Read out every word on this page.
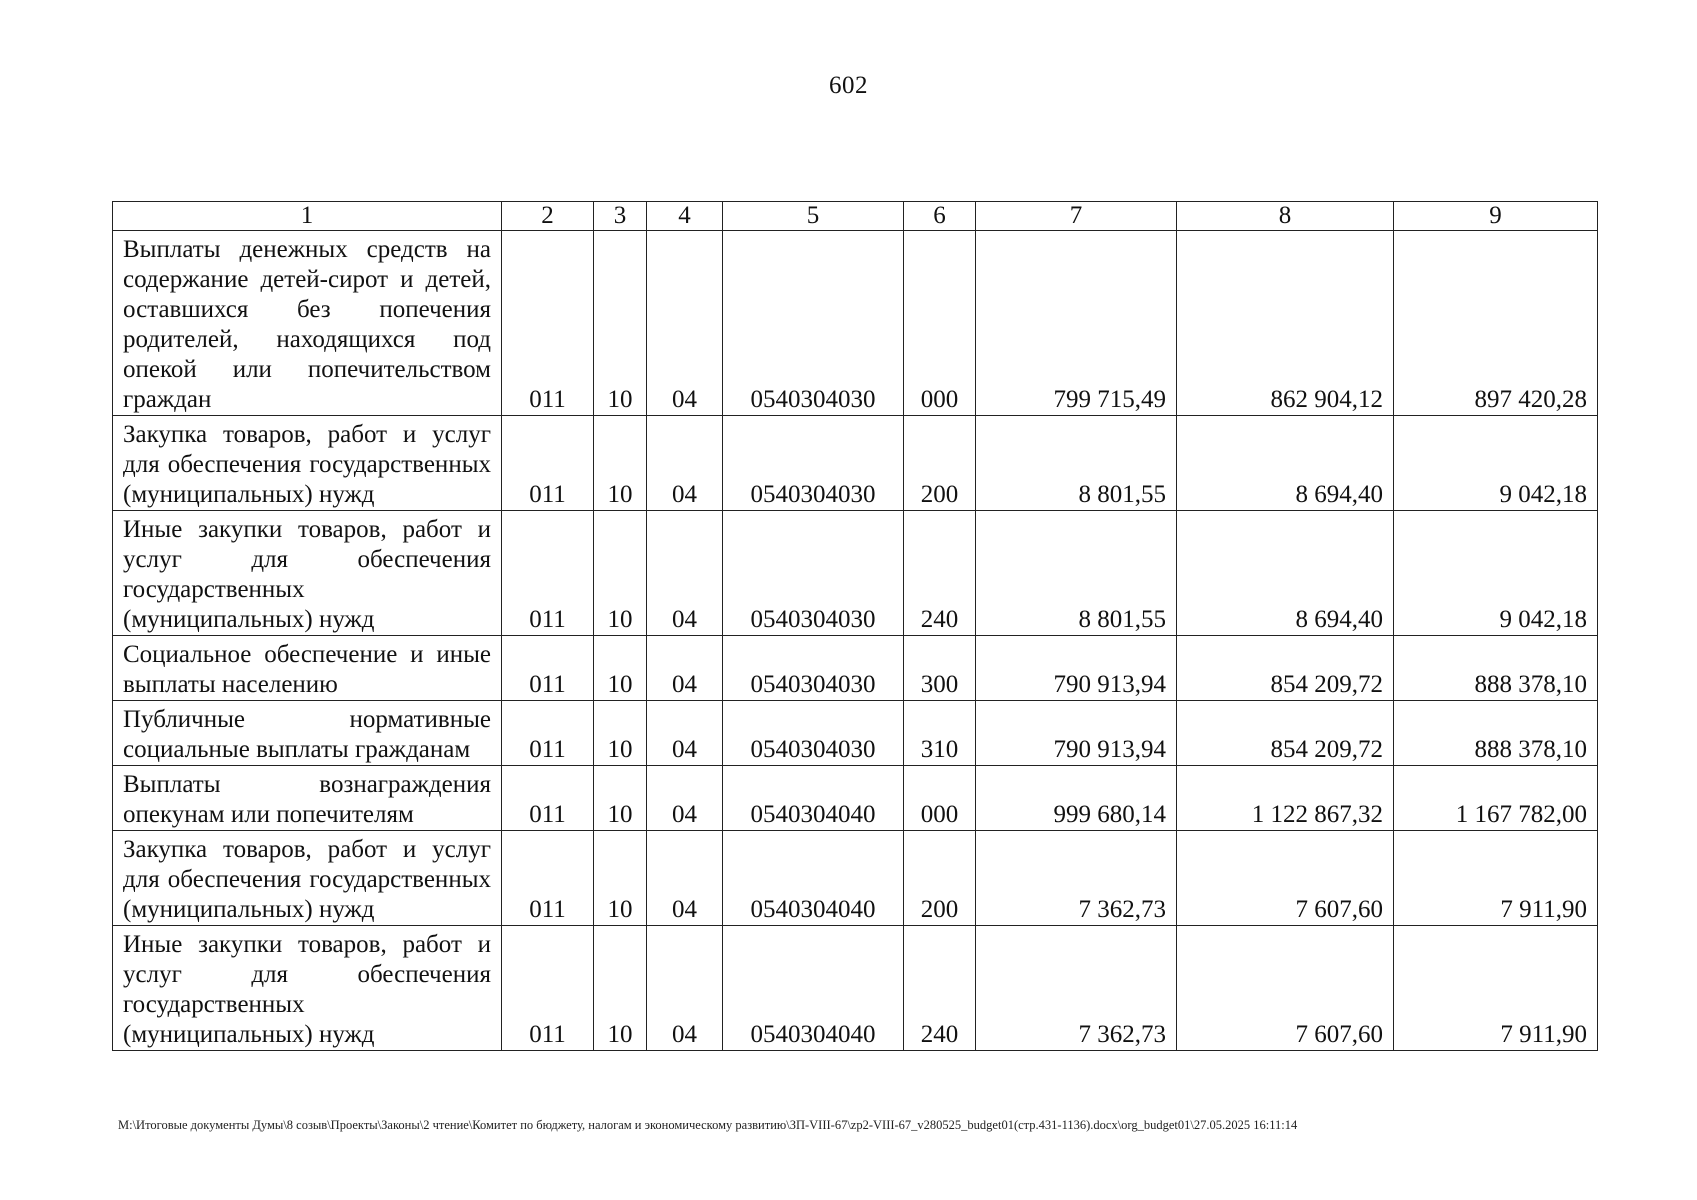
602
1	2	3	4	5	6	7	8	9
Выплаты денежных средств на содержание детей-сирот и детей, оставшихся без попечения родителей, находящихся под опекой или попечительством граждан	011	10	04	0540304030	000	799 715,49	862 904,12	897 420,28
Закупка товаров, работ и услуг для обеспечения государственных (муниципальных) нужд	011	10	04	0540304030	200	8 801,55	8 694,40	9 042,18
Иные закупки товаров, работ и услуг для обеспечения государственных (муниципальных) нужд	011	10	04	0540304030	240	8 801,55	8 694,40	9 042,18
Социальное обеспечение и иные выплаты населению	011	10	04	0540304030	300	790 913,94	854 209,72	888 378,10
Публичные нормативные социальные выплаты гражданам	011	10	04	0540304030	310	790 913,94	854 209,72	888 378,10
Выплаты вознаграждения опекунам или попечителям	011	10	04	0540304040	000	999 680,14	1 122 867,32	1 167 782,00
Закупка товаров, работ и услуг для обеспечения государственных (муниципальных) нужд	011	10	04	0540304040	200	7 362,73	7 607,60	7 911,90
Иные закупки товаров, работ и услуг для обеспечения государственных (муниципальных) нужд	011	10	04	0540304040	240	7 362,73	7 607,60	7 911,90
M:\Итоговые документы Думы\8 созыв\Проекты\Законы\2 чтение\Комитет по бюджету, налогам и экономическому развитию\ЗП-VIII-67\zp2-VIII-67_v280525_budget01(стр.431-1136).docx\org_budget01\27.05.2025 16:11:14
